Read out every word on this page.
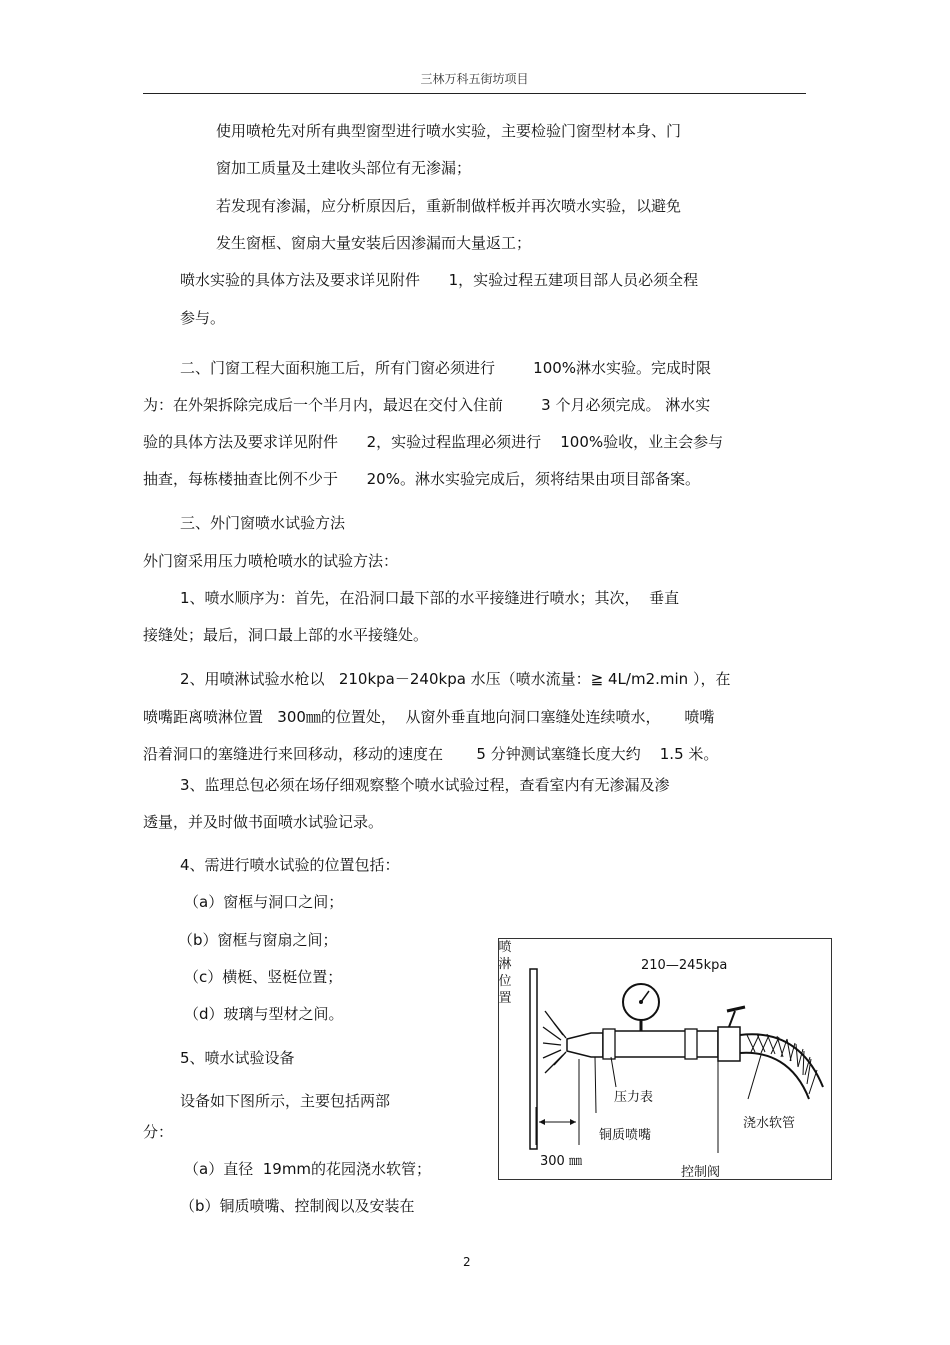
三林万科五街坊项目
使用喷枪先对所有典型窗型进行喷水实验，主要检验门窗型材本身、门
窗加工质量及土建收头部位有无渗漏；
若发现有渗漏，应分析原因后，重新制做样板并再次喷水实验，以避免
发生窗框、窗扇大量安装后因渗漏而大量返工；
喷水实验的具体方法及要求详见附件      1，实验过程五建项目部人员必须全程
参与。
二、门窗工程大面积施工后，所有门窗必须进行        100%淋水实验。完成时限
为：在外架拆除完成后一个半月内，最迟在交付入住前        3 个月必须完成。 淋水实
验的具体方法及要求详见附件      2，实验过程监理必须进行    100%验收，业主会参与
抽查，每栋楼抽查比例不少于      20%。淋水实验完成后，须将结果由项目部备案。
三、外门窗喷水试验方法
外门窗采用压力喷枪喷水的试验方法：
1、喷水顺序为：首先，在沿洞口最下部的水平接缝进行喷水；其次，  垂直
接缝处；最后，洞口最上部的水平接缝处。
2、用喷淋试验水枪以   210kpa－240kpa 水压（喷水流量：≧ 4L/m2.min ），在
喷嘴距离喷淋位置   300㎜的位置处，  从窗外垂直地向洞口塞缝处连续喷水，     喷嘴
沿着洞口的塞缝进行来回移动，移动的速度在       5 分钟测试塞缝长度大约    1.5 米。
3、监理总包必须在场仔细观察整个喷水试验过程，查看室内有无渗漏及渗
透量，并及时做书面喷水试验记录。
4、需进行喷水试验的位置包括：
（a）窗框与洞口之间；
（b）窗框与窗扇之间；
（c）横梃、竖梃位置；
（d）玻璃与型材之间。
5、喷水试验设备
设备如下图所示，主要包括两部
分：
（a）直径  19mm的花园浇水软管；
（b）铜质喷嘴、控制阀以及安装在
喷淋位置
210—245kpa
压力表
铜质喷嘴
浇水软管
控制阀
300 ㎜
2
